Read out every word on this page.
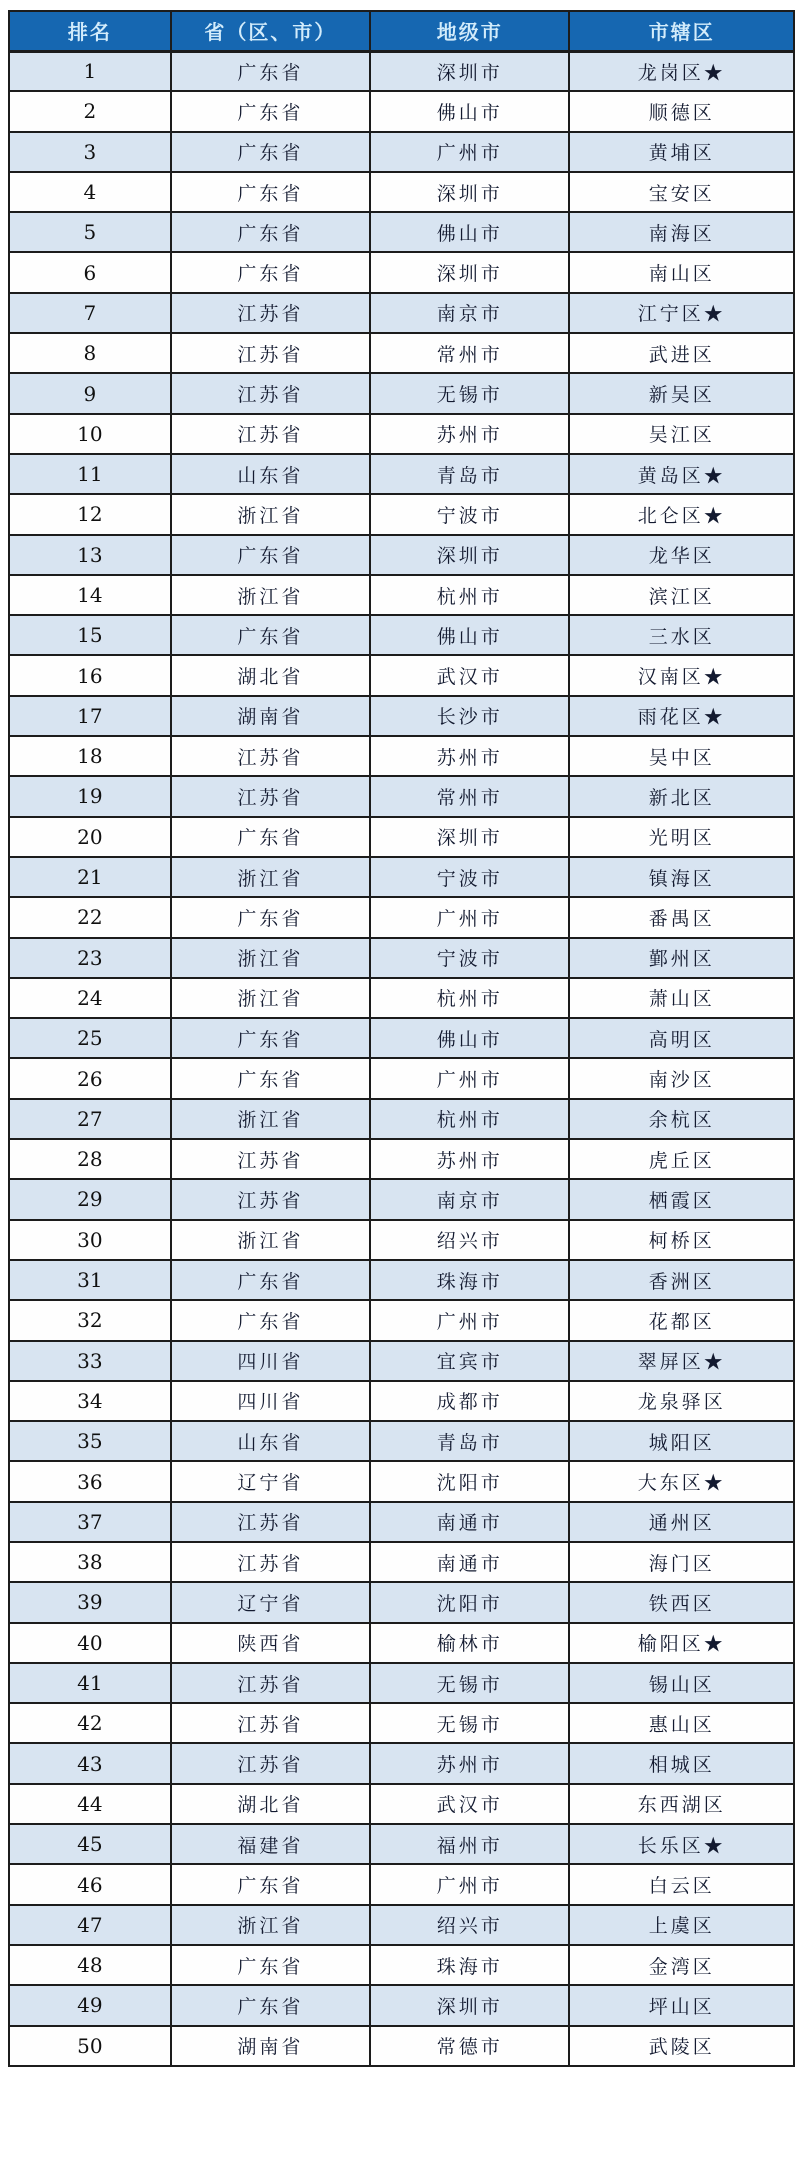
排名	省（区、市）	地级市	市辖区
1	广东省	深圳市	龙岗区★
2	广东省	佛山市	顺德区
3	广东省	广州市	黄埔区
4	广东省	深圳市	宝安区
5	广东省	佛山市	南海区
6	广东省	深圳市	南山区
7	江苏省	南京市	江宁区★
8	江苏省	常州市	武进区
9	江苏省	无锡市	新吴区
10	江苏省	苏州市	吴江区
11	山东省	青岛市	黄岛区★
12	浙江省	宁波市	北仑区★
13	广东省	深圳市	龙华区
14	浙江省	杭州市	滨江区
15	广东省	佛山市	三水区
16	湖北省	武汉市	汉南区★
17	湖南省	长沙市	雨花区★
18	江苏省	苏州市	吴中区
19	江苏省	常州市	新北区
20	广东省	深圳市	光明区
21	浙江省	宁波市	镇海区
22	广东省	广州市	番禺区
23	浙江省	宁波市	鄞州区
24	浙江省	杭州市	萧山区
25	广东省	佛山市	高明区
26	广东省	广州市	南沙区
27	浙江省	杭州市	余杭区
28	江苏省	苏州市	虎丘区
29	江苏省	南京市	栖霞区
30	浙江省	绍兴市	柯桥区
31	广东省	珠海市	香洲区
32	广东省	广州市	花都区
33	四川省	宜宾市	翠屏区★
34	四川省	成都市	龙泉驿区
35	山东省	青岛市	城阳区
36	辽宁省	沈阳市	大东区★
37	江苏省	南通市	通州区
38	江苏省	南通市	海门区
39	辽宁省	沈阳市	铁西区
40	陕西省	榆林市	榆阳区★
41	江苏省	无锡市	锡山区
42	江苏省	无锡市	惠山区
43	江苏省	苏州市	相城区
44	湖北省	武汉市	东西湖区
45	福建省	福州市	长乐区★
46	广东省	广州市	白云区
47	浙江省	绍兴市	上虞区
48	广东省	珠海市	金湾区
49	广东省	深圳市	坪山区
50	湖南省	常德市	武陵区
